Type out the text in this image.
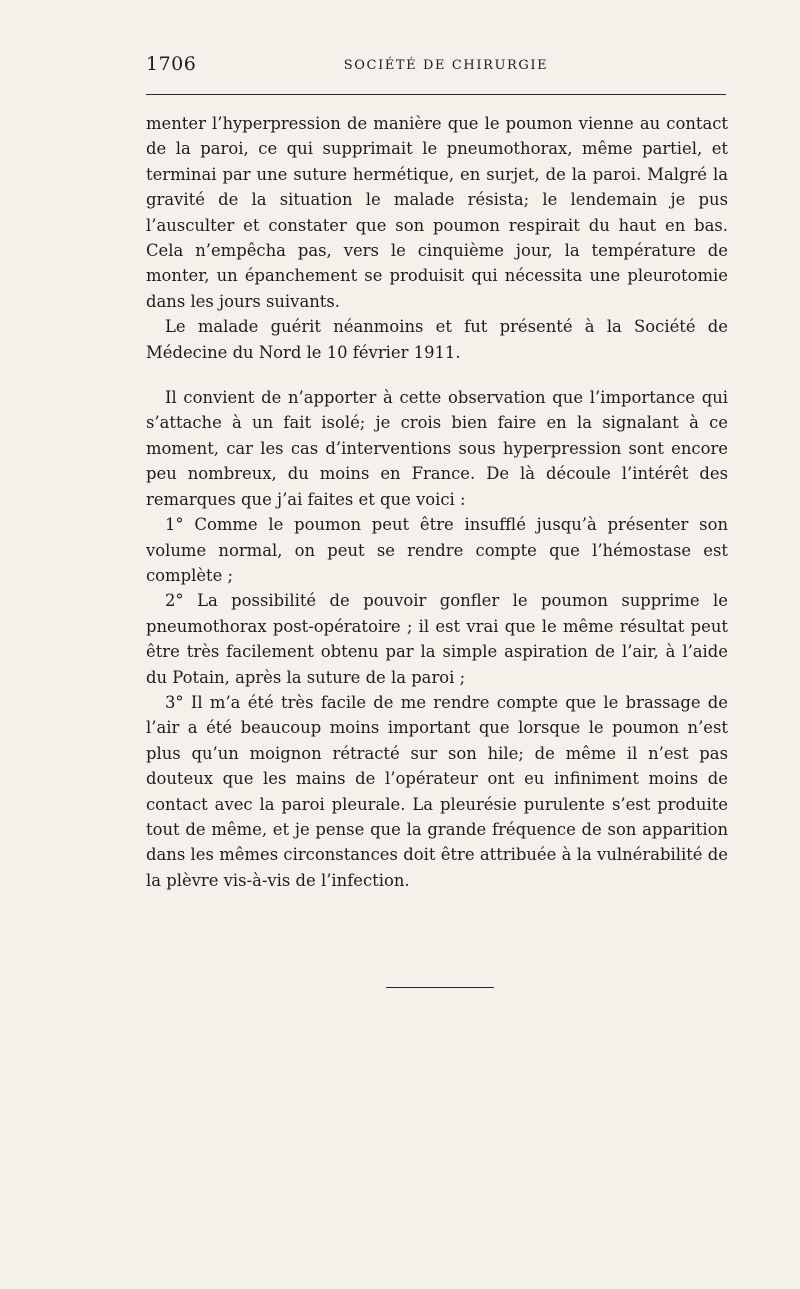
1706	SOCIÉTÉ DE CHIRURGIE

menter l’hyperpression de manière que le poumon vienne au contact de la paroi, ce qui supprimait le pneumothorax, même partiel, et terminai par une suture hermétique, en surjet, de la paroi. Malgré la gravité de la situation le malade résista; le lendemain je pus l’ausculter et constater que son poumon respirait du haut en bas. Cela n’empêcha pas, vers le cinquième jour, la température de monter, un épanchement se produisit qui nécessita une pleurotomie dans les jours suivants.

Le malade guérit néanmoins et fut présenté à la Société de Médecine du Nord le 10 février 1911.

Il convient de n’apporter à cette observation que l’importance qui s’attache à un fait isolé; je crois bien faire en la signalant à ce moment, car les cas d’interventions sous hyperpression sont encore peu nombreux, du moins en France. De là découle l’intérêt des remarques que j’ai faites et que voici :

1° Comme le poumon peut être insufflé jusqu’à présenter son volume normal, on peut se rendre compte que l’hémostase est complète ;

2° La possibilité de pouvoir gonfler le poumon supprime le pneumothorax post-opératoire ; il est vrai que le même résultat peut être très facilement obtenu par la simple aspiration de l’air, à l’aide du Potain, après la suture de la paroi ;

3° Il m’a été très facile de me rendre compte que le brassage de l’air a été beaucoup moins important que lorsque le poumon n’est plus qu’un moignon rétracté sur son hile; de même il n’est pas douteux que les mains de l’opérateur ont eu infiniment moins de contact avec la paroi pleurale. La pleurésie purulente s’est produite tout de même, et je pense que la grande fréquence de son apparition dans les mêmes circonstances doit être attribuée à la vulnérabilité de la plèvre vis-à-vis de l’infection.
